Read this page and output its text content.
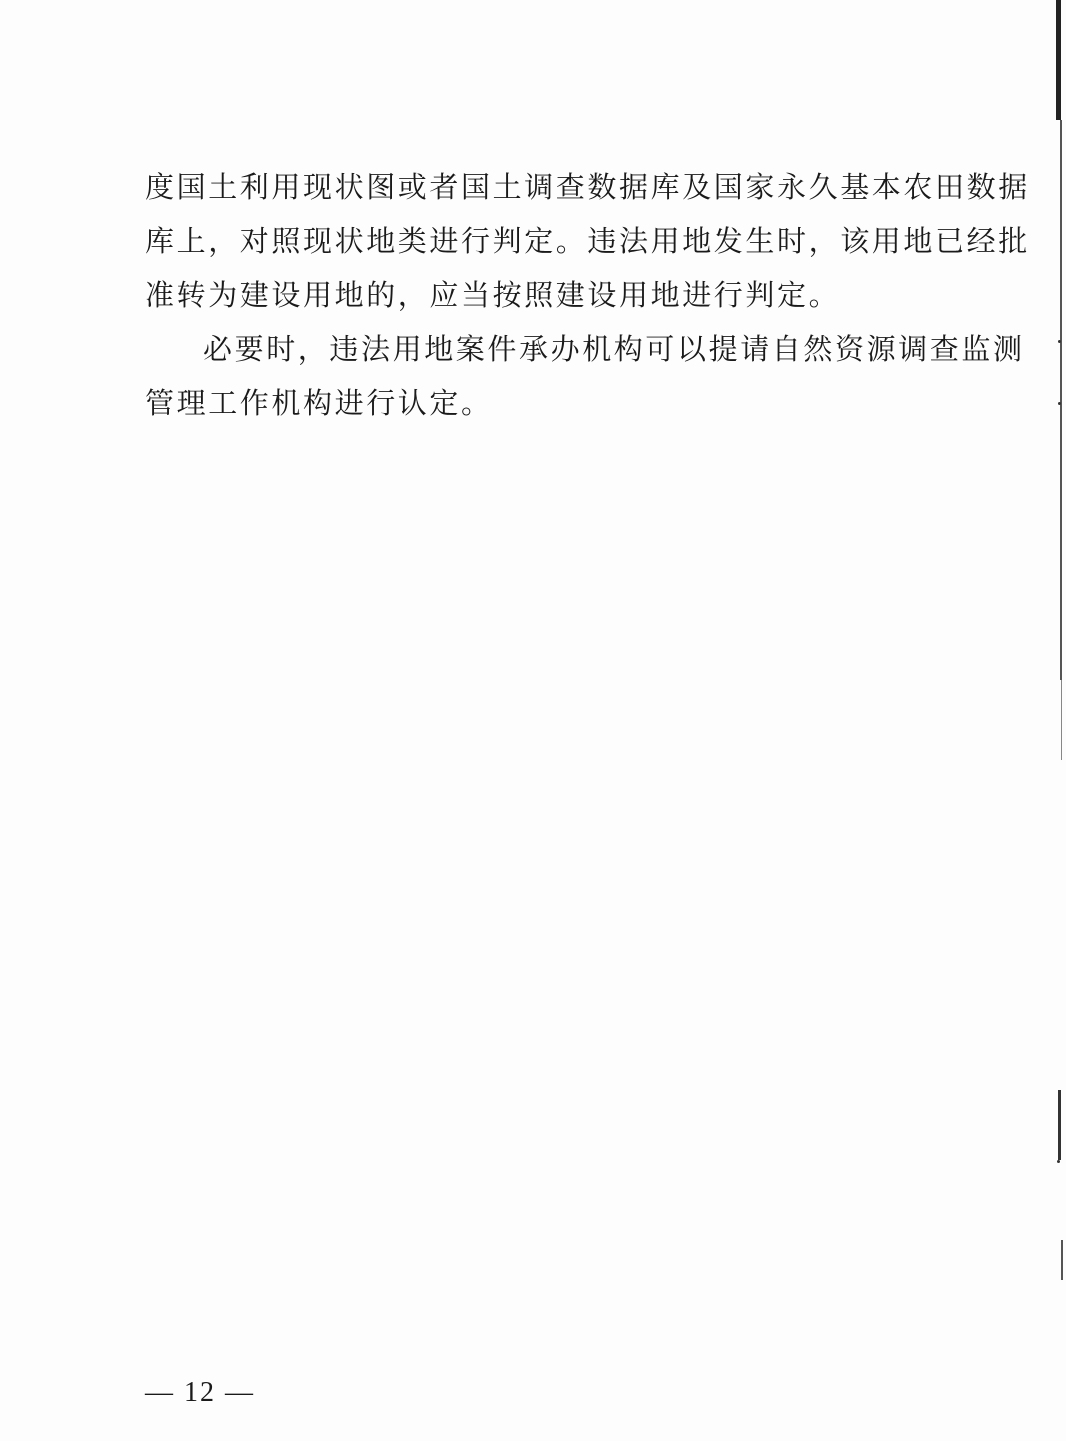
度国土利用现状图或者国土调查数据库及国家永久基本农田数据
库上，对照现状地类进行判定。违法用地发生时，该用地已经批
准转为建设用地的，应当按照建设用地进行判定。
必要时，违法用地案件承办机构可以提请自然资源调查监测
管理工作机构进行认定。
— 12 —
